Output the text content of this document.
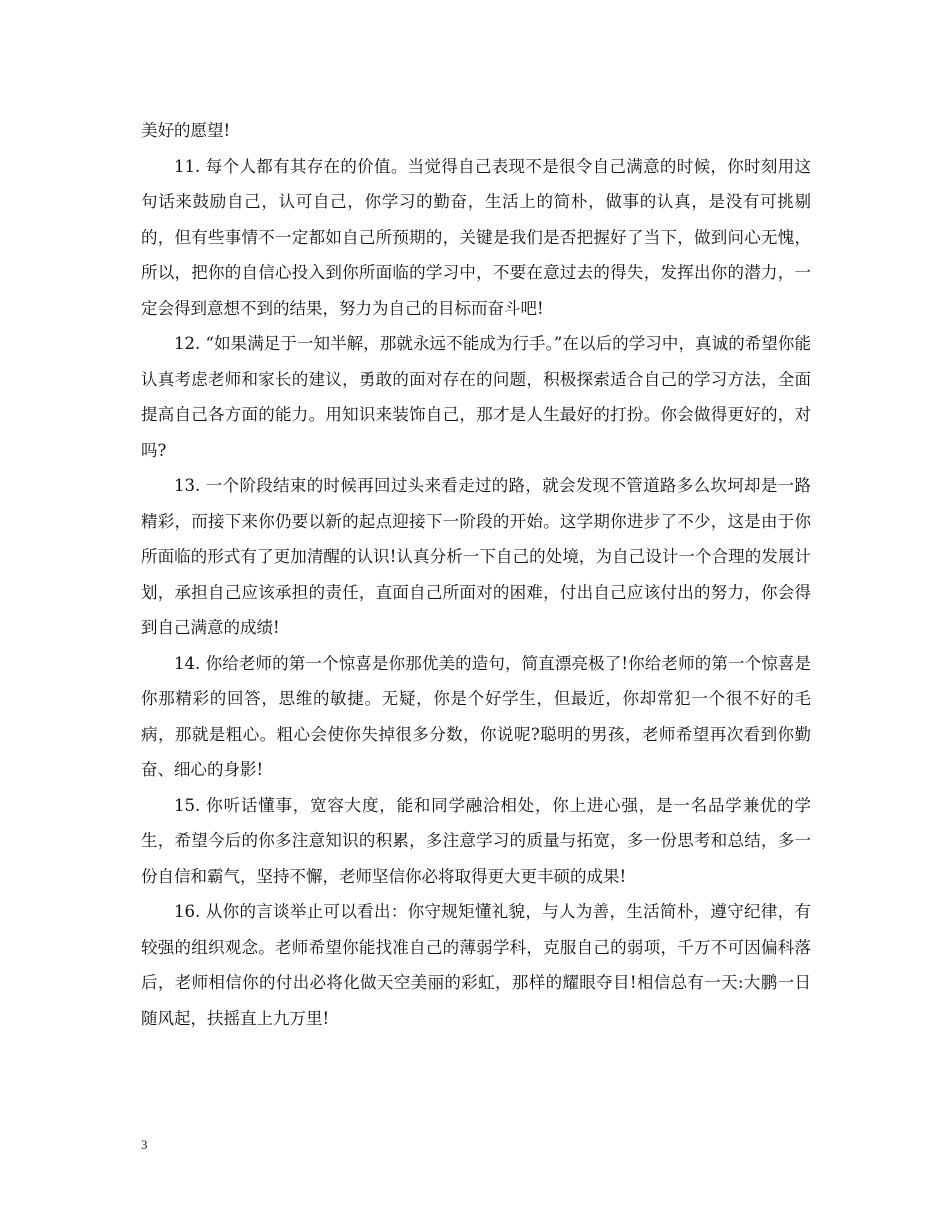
美好的愿望!

11. 每个人都有其存在的价值。当觉得自己表现不是很令自己满意的时候，你时刻用这句话来鼓励自己，认可自己，你学习的勤奋，生活上的简朴，做事的认真，是没有可挑剔的，但有些事情不一定都如自己所预期的，关键是我们是否把握好了当下，做到问心无愧，所以，把你的自信心投入到你所面临的学习中，不要在意过去的得失，发挥出你的潜力，一定会得到意想不到的结果，努力为自己的目标而奋斗吧!

12. “如果满足于一知半解，那就永远不能成为行手。”在以后的学习中，真诚的希望你能认真考虑老师和家长的建议，勇敢的面对存在的问题，积极探索适合自己的学习方法，全面提高自己各方面的能力。用知识来装饰自己，那才是人生最好的打扮。你会做得更好的，对吗?

13. 一个阶段结束的时候再回过头来看走过的路，就会发现不管道路多么坎坷却是一路精彩，而接下来你仍要以新的起点迎接下一阶段的开始。这学期你进步了不少，这是由于你所面临的形式有了更加清醒的认识!认真分析一下自己的处境，为自己设计一个合理的发展计划，承担自己应该承担的责任，直面自己所面对的困难，付出自己应该付出的努力，你会得到自己满意的成绩!

14. 你给老师的第一个惊喜是你那优美的造句，简直漂亮极了!你给老师的第一个惊喜是你那精彩的回答，思维的敏捷。无疑，你是个好学生，但最近，你却常犯一个很不好的毛病，那就是粗心。粗心会使你失掉很多分数，你说呢?聪明的男孩，老师希望再次看到你勤奋、细心的身影!

15. 你听话懂事，宽容大度，能和同学融洽相处，你上进心强，是一名品学兼优的学生，希望今后的你多注意知识的积累，多注意学习的质量与拓宽，多一份思考和总结，多一份自信和霸气，坚持不懈，老师坚信你必将取得更大更丰硕的成果!

16. 从你的言谈举止可以看出：你守规矩懂礼貌，与人为善，生活简朴，遵守纪律，有较强的组织观念。老师希望你能找准自己的薄弱学科，克服自己的弱项，千万不可因偏科落后，老师相信你的付出必将化做天空美丽的彩虹，那样的耀眼夺目!相信总有一天:大鹏一日随风起，扶摇直上九万里!

3
